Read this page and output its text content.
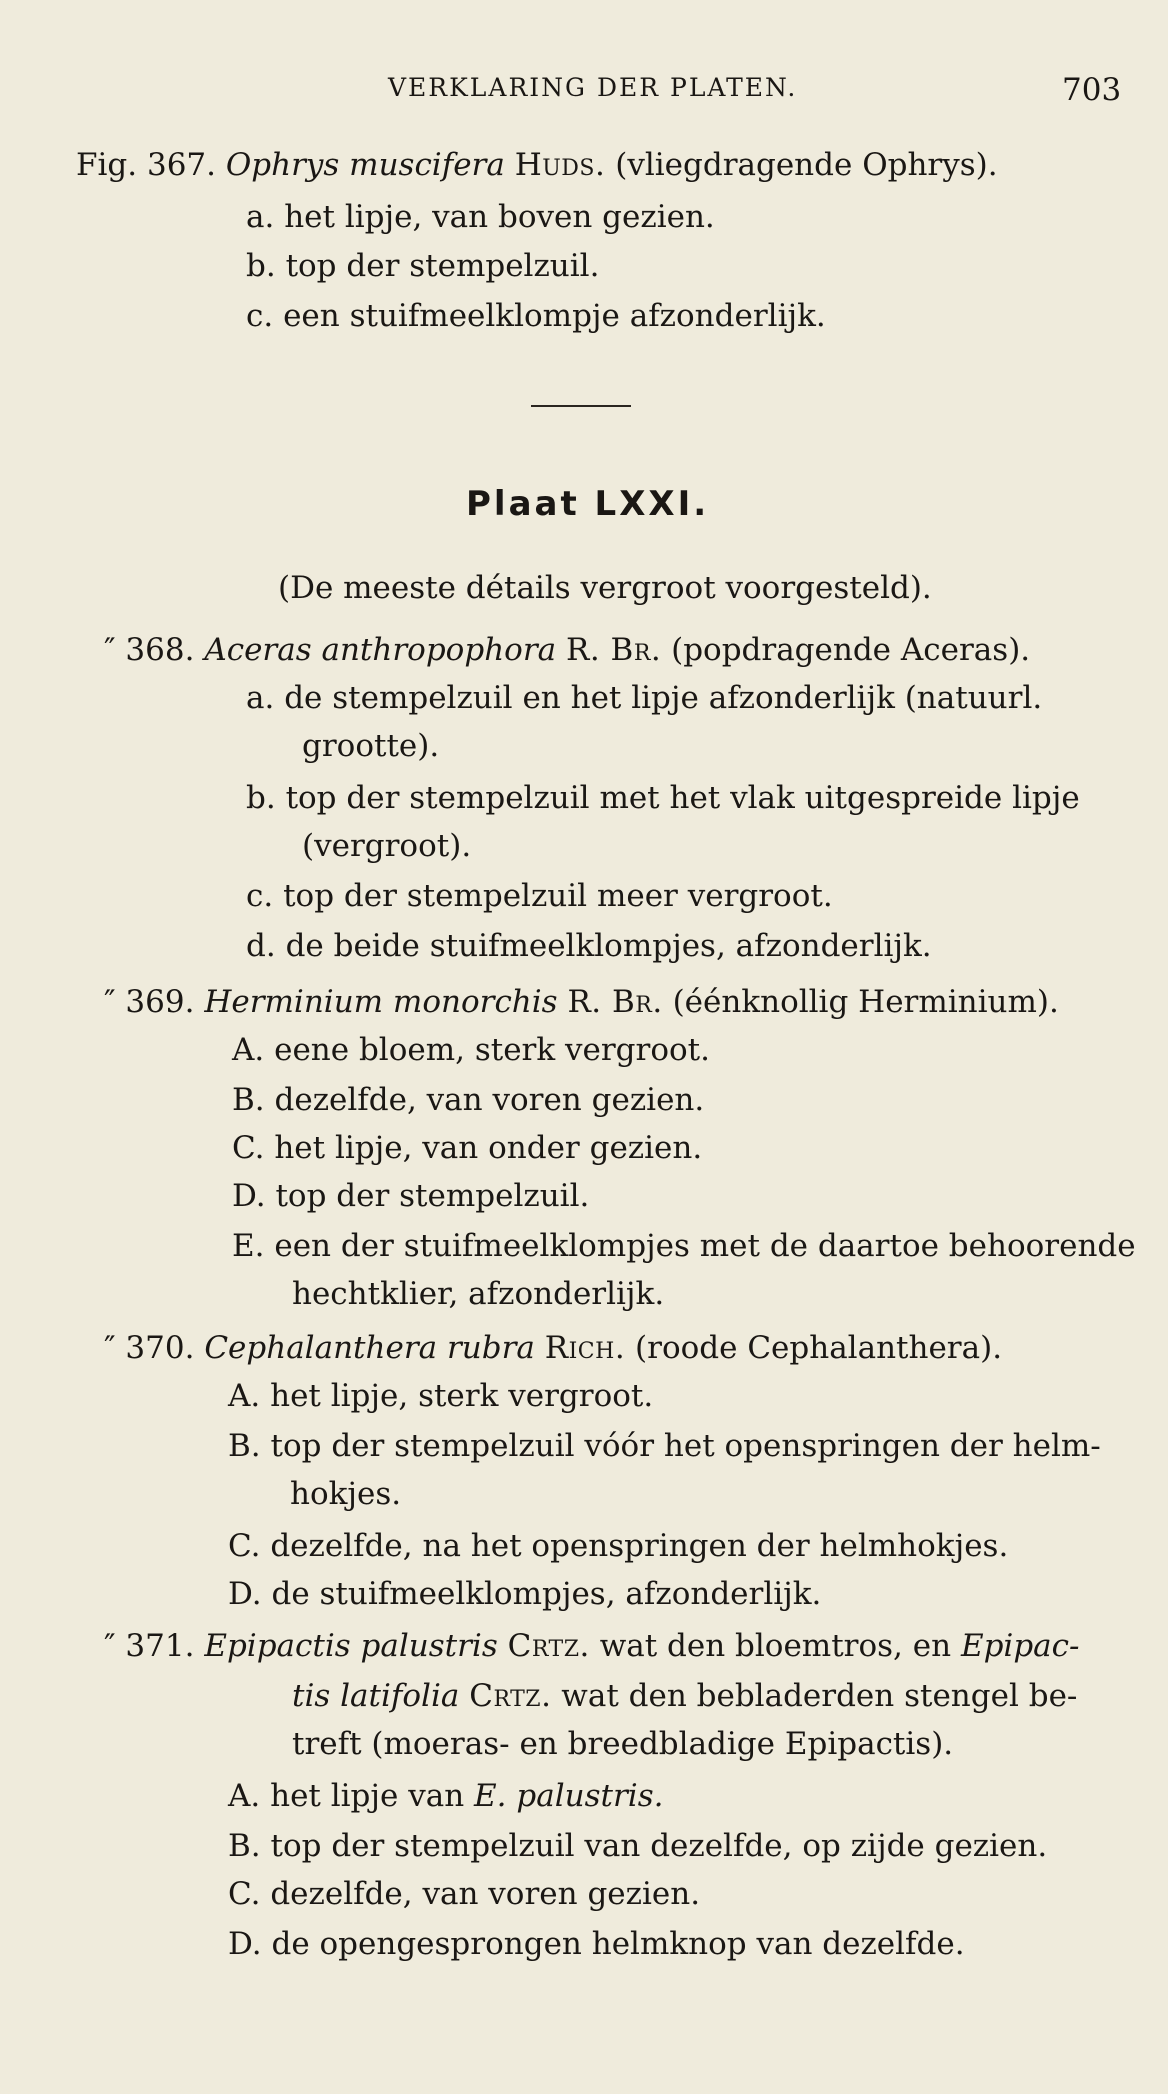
VERKLARING DER PLATEN.	703
Fig. 367. Ophrys muscifera Huds. (vliegdragende Ophrys).
a. het lipje, van boven gezien.
b. top der stempelzuil.
c. een stuifmeelklompje afzonderlijk.
Plaat LXXI.
(De meeste détails vergroot voorgesteld).
″ 368. Aceras anthropophora R. Br. (popdragende Aceras).
a. de stempelzuil en het lipje afzonderlijk (natuurl.
grootte).
b. top der stempelzuil met het vlak uitgespreide lipje
(vergroot).
c. top der stempelzuil meer vergroot.
d. de beide stuifmeelklompjes, afzonderlijk.
″ 369. Herminium monorchis R. Br. (éénknollig Herminium).
A. eene bloem, sterk vergroot.
B. dezelfde, van voren gezien.
C. het lipje, van onder gezien.
D. top der stempelzuil.
E. een der stuifmeelklompjes met de daartoe behoorende
hechtklier, afzonderlijk.
″ 370. Cephalanthera rubra Rich. (roode Cephalanthera).
A. het lipje, sterk vergroot.
B. top der stempelzuil vóór het openspringen der helm-
hokjes.
C. dezelfde, na het openspringen der helmhokjes.
D. de stuifmeelklompjes, afzonderlijk.
″ 371. Epipactis palustris Crtz. wat den bloemtros, en Epipac-
tis latifolia Crtz. wat den bebladerden stengel be-
treft (moeras- en breedbladige Epipactis).
A. het lipje van E. palustris.
B. top der stempelzuil van dezelfde, op zijde gezien.
C. dezelfde, van voren gezien.
D. de opengesprongen helmknop van dezelfde.
